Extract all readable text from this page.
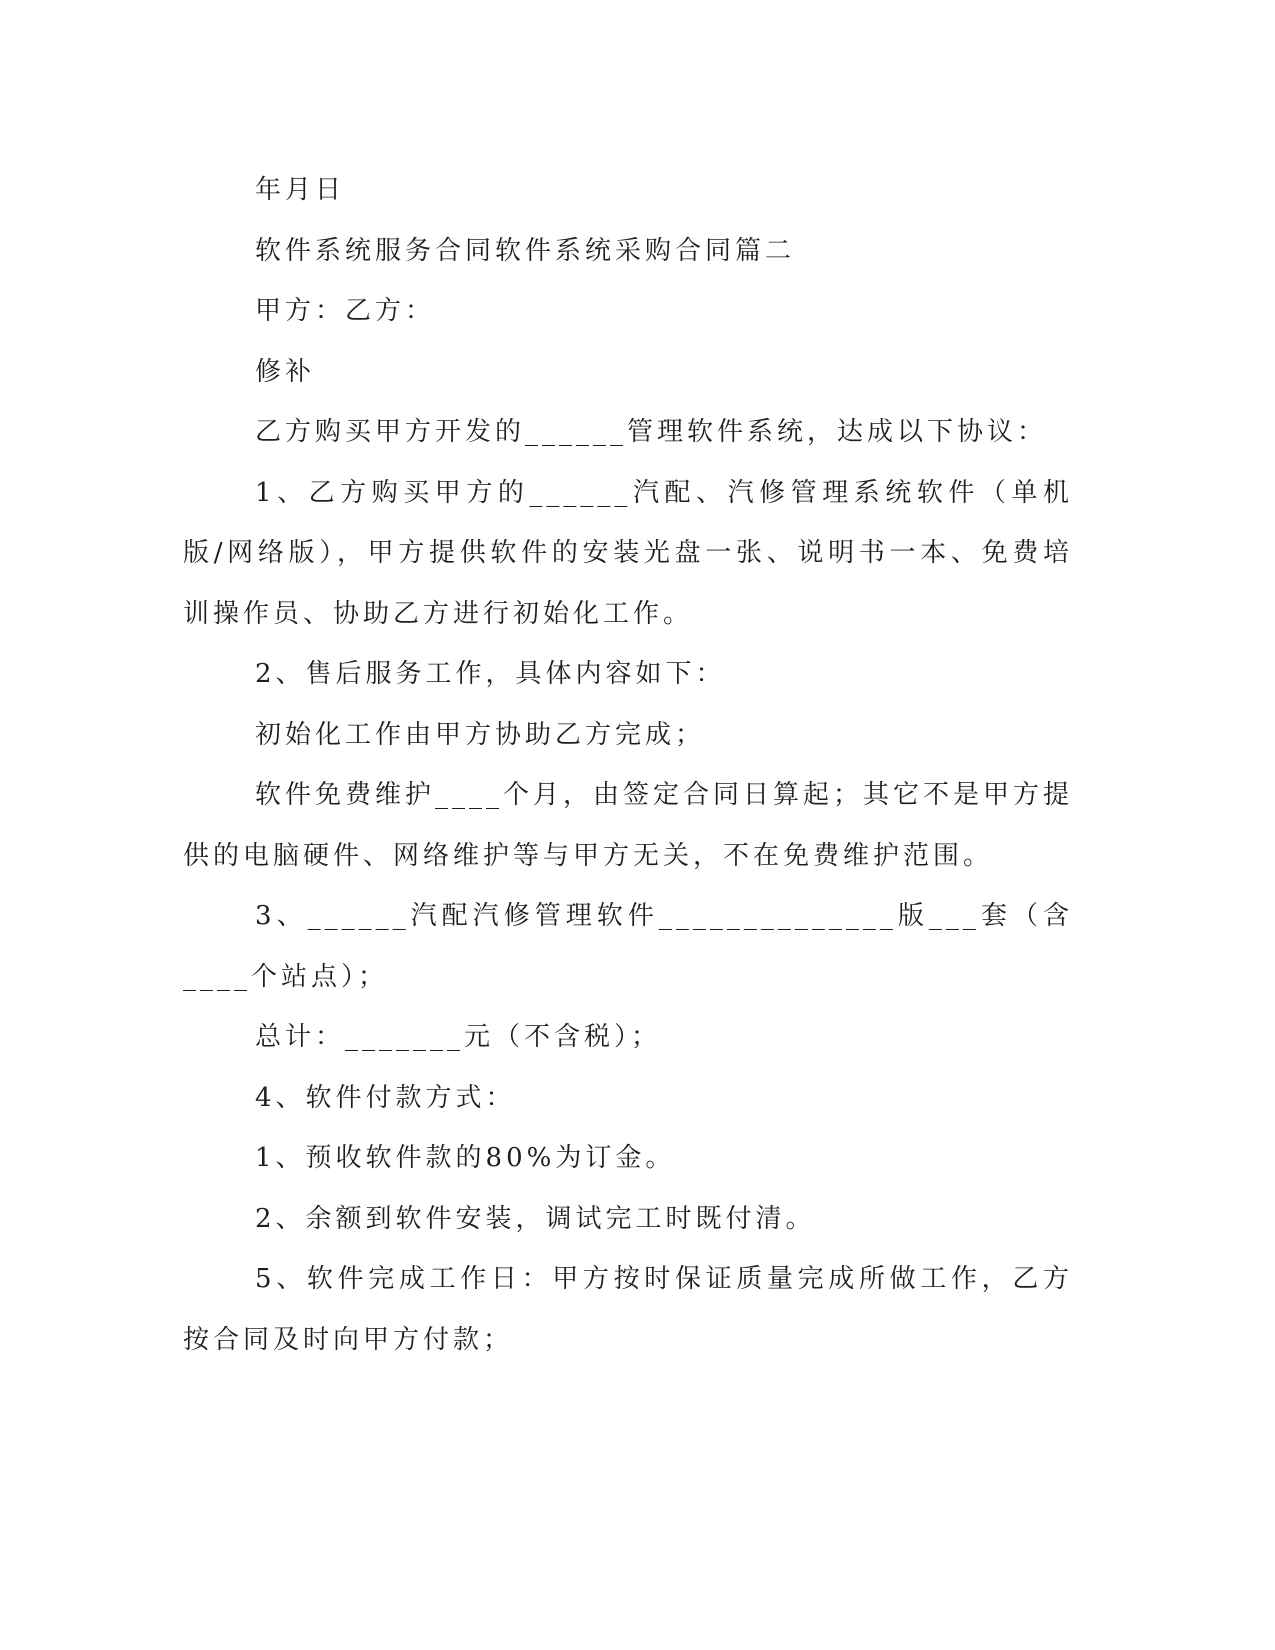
年月日

软件系统服务合同软件系统采购合同篇二

甲方：乙方：

修补

乙方购买甲方开发的______管理软件系统，达成以下协议：

1、乙方购买甲方的______汽配、汽修管理系统软件（单机版/网络版），甲方提供软件的安装光盘一张、说明书一本、免费培训操作员、协助乙方进行初始化工作。

2、售后服务工作，具体内容如下：

初始化工作由甲方协助乙方完成；

软件免费维护____个月，由签定合同日算起；其它不是甲方提供的电脑硬件、网络维护等与甲方无关，不在免费维护范围。

3、______汽配汽修管理软件______________版___套（含____个站点）；

总计：_______元（不含税）；

4、软件付款方式：

1、预收软件款的80%为订金。

2、余额到软件安装，调试完工时既付清。

5、软件完成工作日：甲方按时保证质量完成所做工作，乙方按合同及时向甲方付款；
